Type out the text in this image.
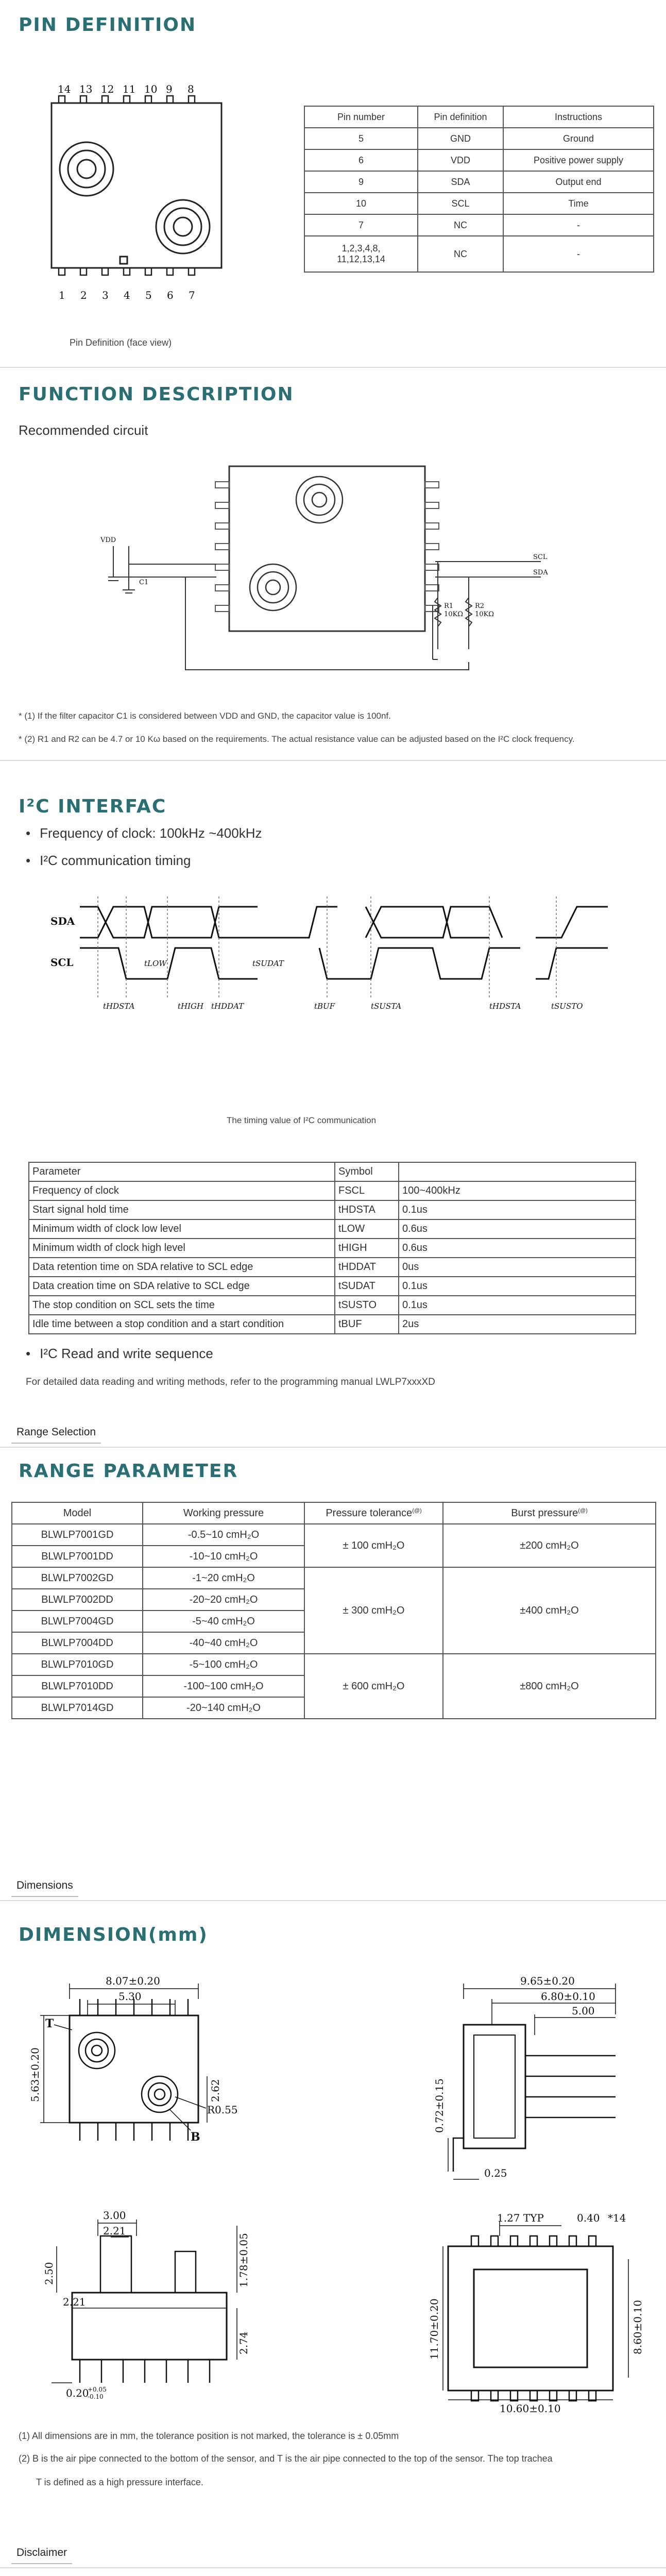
PIN DEFINITION
14 13 12 11 10 9 8
1 2 3 4 5 6 7
Pin Definition (face view)
Pin number	Pin definition	Instructions
5	GND	Ground
6	VDD	Positive power supply
9	SDA	Output end
10	SCL	Time
7	NC	-

1,2,3,4,8,
11,12,13,14	NC	-
FUNCTION DESCRIPTION
Recommended circuit
VDD
C1
SCL
SDA
R1
10KΩ
R2
10KΩ
* (1) If the filter capacitor C1 is considered between VDD and GND, the capacitor value is 100nf.
* (2) R1 and R2 can be 4.7 or 10 Kω based on the requirements. The actual resistance value can be adjusted based on the I²C clock frequency.
I²C INTERFAC
• Frequency of clock: 100kHz ~400kHz
• I²C communication timing
SDA
SCL
tHDSTA
tLOW
tHIGH tHDDAT
tSUDAT
tBUF	tSUSTA	tHDSTA	tSUSTO
The timing value of I²C communication
Parameter	Symbol	
Frequency of clock	FSCL	100~400kHz
Start signal hold time	tHDSTA	0.1us
Minimum width of clock low level	tLOW	0.6us
Minimum width of clock high level	tHIGH	0.6us
Data retention time on SDA relative to SCL edge	tHDDAT	0us
Data creation time on SDA relative to SCL edge	tSUDAT	0.1us
The stop condition on SCL sets the time	tSUSTO	0.1us
Idle time between a stop condition and a start condition	tBUF	2us
• I²C Read and write sequence
For detailed data reading and writing methods, refer to the programming manual LWLP7xxxXD
Range Selection
RANGE PARAMETER
Model	Working pressure	Pressure tolerance(@)	Burst pressure(@)
BLWLP7001GD	-0.5~10 cmH₂O	± 100 cmH₂O	±200 cmH₂O
BLWLP7001DD	-10~10 cmH₂O		
BLWLP7002GD	-1~20 cmH₂O	± 300 cmH₂O	±400 cmH₂O
BLWLP7002DD	-20~20 cmH₂O		
BLWLP7004GD	-5~40 cmH₂O		
BLWLP7004DD	-40~40 cmH₂O		
BLWLP7010GD	-5~100 cmH₂O	± 600 cmH₂O	±800 cmH₂O
BLWLP7010DD	-100~100 cmH₂O		
BLWLP7014GD	-20~140 cmH₂O		
Dimensions
DIMENSION(mm)
8.07±0.20
5.30
2.62
5.63±0.20
R0.55
T
B
9.65±0.20
6.80±0.10
5.00
0.72±0.15
0.25
3.00
2.21
2.50
2.21
1.78±0.05
2.74
0.20
+0.05
-0.10
1.27 TYP	0.40 *14
11.70±0.20	8.60±0.10
10.60±0.10
(1) All dimensions are in mm, the tolerance position is not marked, the tolerance is ± 0.05mm
(2) B is the air pipe connected to the bottom of the sensor, and T is the air pipe connected to the top of the sensor. The top trachea
T is defined as a high pressure interface.
Disclaimer
